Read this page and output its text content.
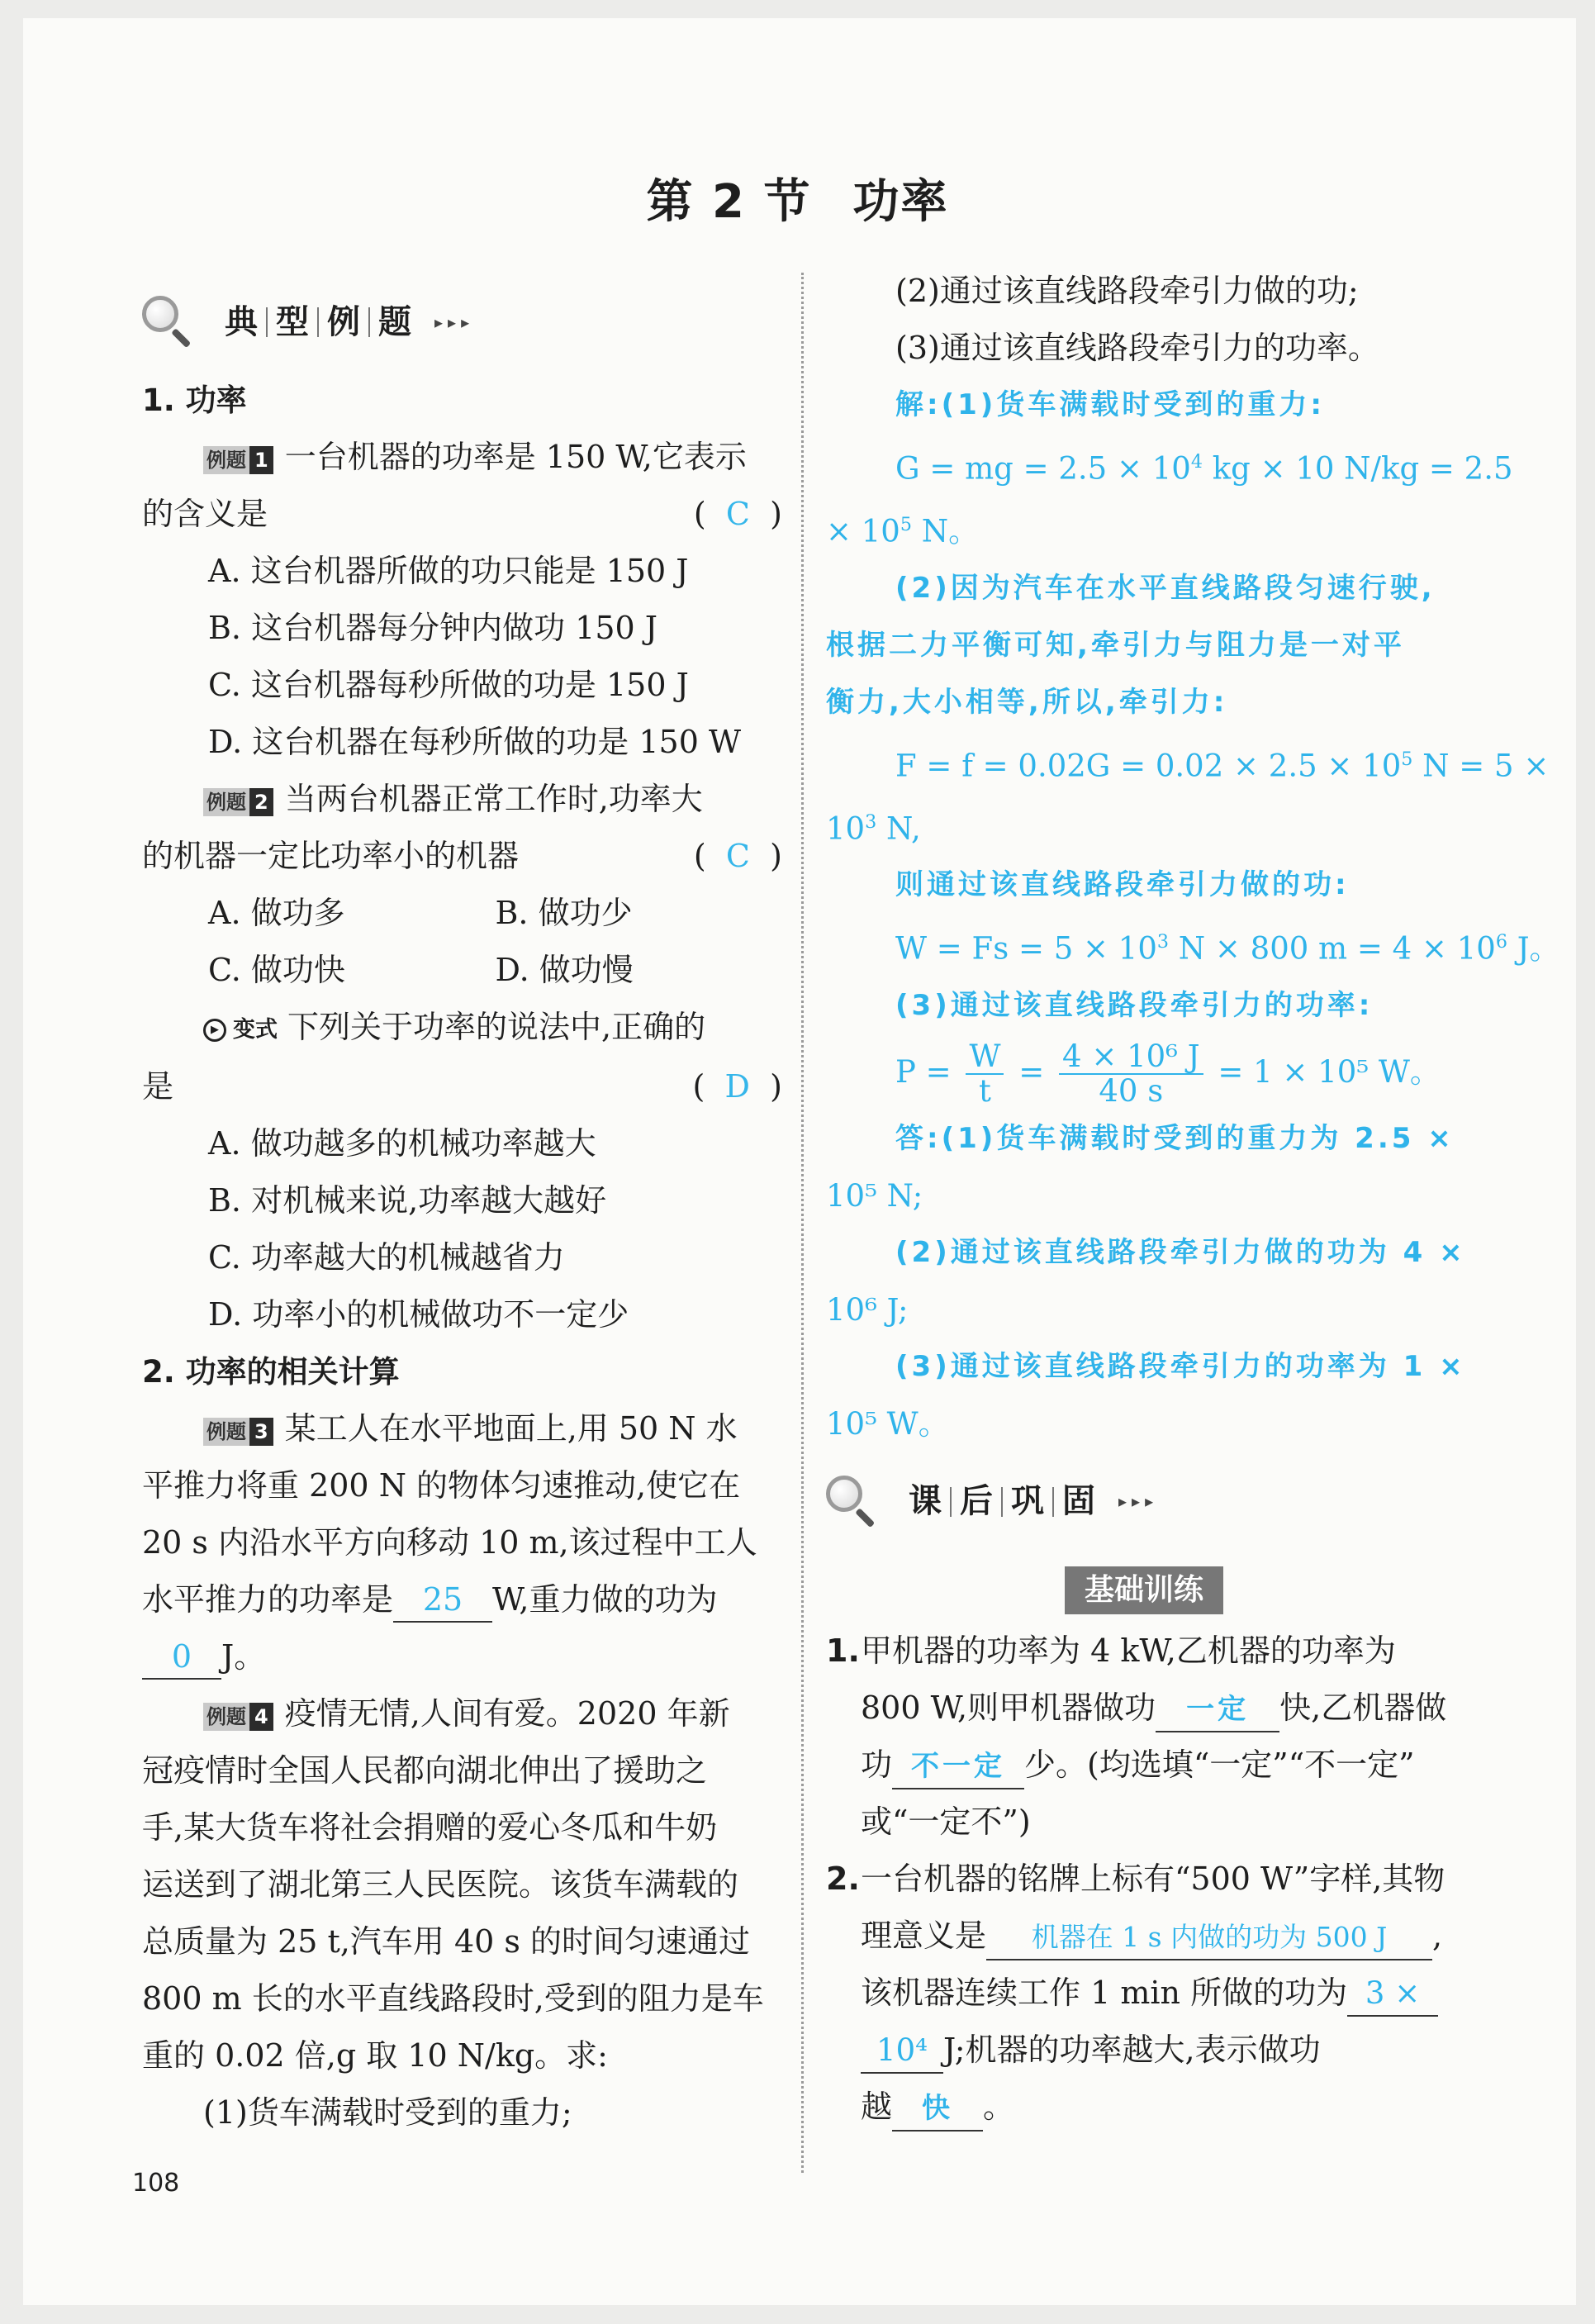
第 2 节 功率
典 型 例 题	▸▸▸
1. 功率
例题 1 一台机器的功率是 150 W,它表示
的含义是	( C )
A. 这台机器所做的功只能是 150 J
B. 这台机器每分钟内做功 150 J
C. 这台机器每秒所做的功是 150 J
D. 这台机器在每秒所做的功是 150 W
例题 2 当两台机器正常工作时,功率大
的机器一定比功率小的机器	( C )
A. 做功多	B. 做功少
C. 做功快	D. 做功慢
▶ 变式 下列关于功率的说法中,正确的
是	( D )
A. 做功越多的机械功率越大
B. 对机械来说,功率越大越好
C. 功率越大的机械越省力
D. 功率小的机械做功不一定少
2. 功率的相关计算
例题 3 某工人在水平地面上,用 50 N 水
平推力将重 200 N 的物体匀速推动,使它在
20 s 内沿水平方向移动 10 m,该过程中工人
水平推力的功率是 25 W,重力做的功为
0 J。
例题 4 疫情无情,人间有爱。2020 年新
冠疫情时全国人民都向湖北伸出了援助之
手,某大货车将社会捐赠的爱心冬瓜和牛奶
运送到了湖北第三人民医院。该货车满载的
总质量为 25 t,汽车用 40 s 的时间匀速通过
800 m 长的水平直线路段时,受到的阻力是车
重的 0.02 倍,g 取 10 N/kg。求:
(1)货车满载时受到的重力;
(2)通过该直线路段牵引力做的功;
(3)通过该直线路段牵引力的功率。
解:(1)货车满载时受到的重力:
G = mg = $2.5 \times 10^4$ kg × 10 N/kg = 2.5
× $10^5$ N。
(2)因为汽车在水平直线路段匀速行驶,
根据二力平衡可知,牵引力与阻力是一对平
衡力,大小相等,所以,牵引力:
$F = f = 0.02G = 0.02 \times 2.5 \times 10^5$ N = 5 ×
$10^3$ N,
则通过该直线路段牵引力做的功:
$W = Fs = 5 \times 10^3$ N × 800 $m = 4 \times 10^6$ J。
(3)通过该直线路段牵引力的功率:
$P = \frac{W}{t} = \frac{\text{4 × 10⁶ J}}{40 s} = 1 \times 10^5$ W。
答:(1)货车满载时受到的重力为 2.5 ×
10⁵ N;
(2)通过该直线路段牵引力做的功为 4 ×
10⁶ J;
(3)通过该直线路段牵引力的功率为 1 ×
10⁵ W。
课 后 巩 固	▸▸▸
基础训练
1. 甲机器的功率为 4 kW,乙机器的功率为
800 W,则甲机器做功 一定 快,乙机器做
功 不一定 少。(均选填“一定”“不一定”
或“一定不”)
2. 一台机器的铭牌上标有“500 W”字样,其物
理意义是 机器在 1 s 内做的功为 500 J ,
该机器连续工作 1 min 所做的功为 3 ×
10⁴ J;机器的功率越大,表示做功
越 快 。
108
